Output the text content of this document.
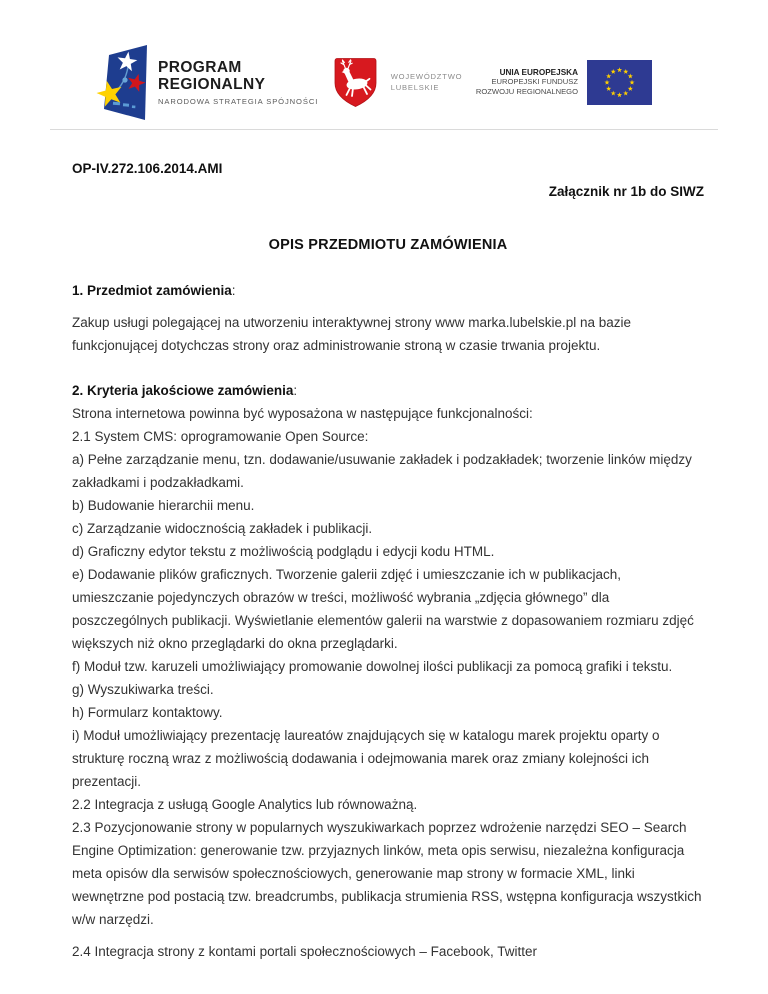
PROGRAM
REGIONALNY
NARODOWA STRATEGIA SPÓJNOŚCI
WOJEWÓDZTWO
LUBELSKIE
UNIA EUROPEJSKA
EUROPEJSKI FUNDUSZ
ROZWOJU REGIONALNEGO

OP-IV.272.106.2014.AMI

Załącznik nr 1b do SIWZ

OPIS PRZEDMIOTU ZAMÓWIENIA

1. Przedmiot zamówienia:

Zakup usługi polegającej na utworzeniu interaktywnej strony www marka.lubelskie.pl na bazie funkcjonującej dotychczas strony oraz administrowanie stroną w czasie trwania projektu.

2. Kryteria jakościowe zamówienia:

Strona internetowa powinna być wyposażona w następujące funkcjonalności:

2.1 System CMS: oprogramowanie Open Source:

a) Pełne zarządzanie menu, tzn. dodawanie/usuwanie zakładek i podzakładek; tworzenie linków między zakładkami i podzakładkami.

b) Budowanie hierarchii menu.

c) Zarządzanie widocznością zakładek i publikacji.

d) Graficzny edytor tekstu z możliwością podglądu i edycji kodu HTML.

e) Dodawanie plików graficznych. Tworzenie galerii zdjęć i umieszczanie ich w publikacjach, umieszczanie pojedynczych obrazów w treści, możliwość wybrania „zdjęcia głównego” dla poszczególnych publikacji. Wyświetlanie elementów galerii na warstwie z dopasowaniem rozmiaru zdjęć większych niż okno przeglądarki do okna przeglądarki.

f) Moduł tzw. karuzeli umożliwiający promowanie dowolnej ilości publikacji za pomocą grafiki i tekstu.

g) Wyszukiwarka treści.

h) Formularz kontaktowy.

i) Moduł umożliwiający prezentację laureatów znajdujących się w katalogu marek projektu oparty o strukturę roczną wraz z możliwością dodawania i odejmowania marek oraz zmiany kolejności ich prezentacji.

2.2 Integracja z usługą Google Analytics lub równoważną.

2.3 Pozycjonowanie strony w popularnych wyszukiwarkach poprzez wdrożenie narzędzi SEO – Search Engine Optimization: generowanie tzw. przyjaznych linków, meta opis serwisu, niezależna konfiguracja meta opisów dla serwisów społecznościowych, generowanie map strony w formacie XML, linki wewnętrzne pod postacią tzw. breadcrumbs, publikacja strumienia RSS, wstępna konfiguracja wszystkich w/w narzędzi.

2.4 Integracja strony z kontami portali społecznościowych – Facebook, Twitter
